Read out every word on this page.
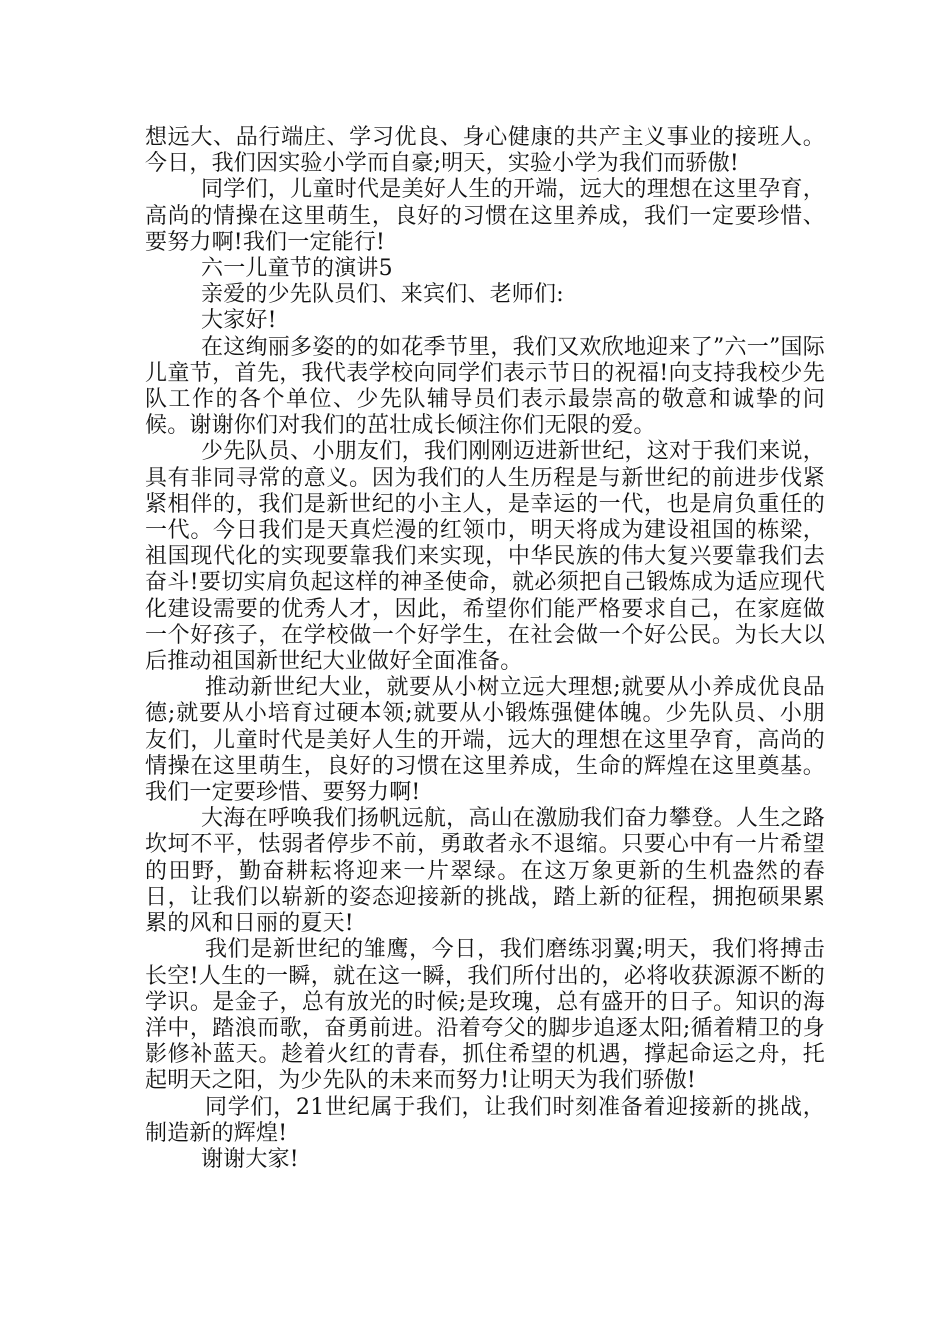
想远大、品行端庄、学习优良、身心健康的共产主义事业的接班人。今日，我们因实验小学而自豪;明天，实验小学为我们而骄傲!

同学们，儿童时代是美好人生的开端，远大的理想在这里孕育，高尚的情操在这里萌生，良好的习惯在这里养成，我们一定要珍惜、要努力啊!我们一定能行!

六一儿童节的演讲5

亲爱的少先队员们、来宾们、老师们:

大家好!

在这绚丽多姿的的如花季节里，我们又欢欣地迎来了”六一”国际儿童节，首先，我代表学校向同学们表示节日的祝福!向支持我校少先队工作的各个单位、少先队辅导员们表示最崇高的敬意和诚挚的问候。谢谢你们对我们的茁壮成长倾注你们无限的爱。

少先队员、小朋友们，我们刚刚迈进新世纪，这对于我们来说，具有非同寻常的意义。因为我们的人生历程是与新世纪的前进步伐紧紧相伴的，我们是新世纪的小主人，是幸运的一代，也是肩负重任的一代。今日我们是天真烂漫的红领巾，明天将成为建设祖国的栋梁，祖国现代化的实现要靠我们来实现，中华民族的伟大复兴要靠我们去奋斗!要切实肩负起这样的神圣使命，就必须把自己锻炼成为适应现代化建设需要的优秀人才，因此，希望你们能严格要求自己，在家庭做一个好孩子，在学校做一个好学生，在社会做一个好公民。为长大以后推动祖国新世纪大业做好全面准备。

推动新世纪大业，就要从小树立远大理想;就要从小养成优良品德;就要从小培育过硬本领;就要从小锻炼强健体魄。少先队员、小朋友们，儿童时代是美好人生的开端，远大的理想在这里孕育，高尚的情操在这里萌生，良好的习惯在这里养成，生命的辉煌在这里奠基。我们一定要珍惜、要努力啊!

大海在呼唤我们扬帆远航，高山在激励我们奋力攀登。人生之路坎坷不平，怯弱者停步不前，勇敢者永不退缩。只要心中有一片希望的田野，勤奋耕耘将迎来一片翠绿。在这万象更新的生机盎然的春日，让我们以崭新的姿态迎接新的挑战，踏上新的征程，拥抱硕果累累的风和日丽的夏天!

我们是新世纪的雏鹰，今日，我们磨练羽翼;明天，我们将搏击长空!人生的一瞬，就在这一瞬，我们所付出的，必将收获源源不断的学识。是金子，总有放光的时候;是玫瑰，总有盛开的日子。知识的海洋中，踏浪而歌，奋勇前进。沿着夸父的脚步追逐太阳;循着精卫的身影修补蓝天。趁着火红的青春，抓住希望的机遇，撑起命运之舟，托起明天之阳，为少先队的未来而努力!让明天为我们骄傲!

同学们，21世纪属于我们，让我们时刻准备着迎接新的挑战，制造新的辉煌!

谢谢大家!
